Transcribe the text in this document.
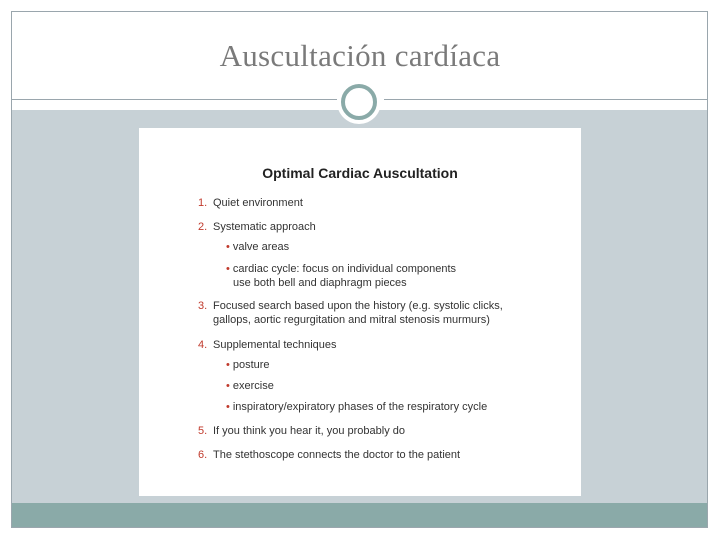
Auscultación cardíaca
Optimal Cardiac Auscultation
1. Quiet environment
2. Systematic approach
• valve areas
• cardiac cycle: focus on individual components
use both bell and diaphragm pieces
3. Focused search based upon the history (e.g. systolic clicks,
gallops, aortic regurgitation and mitral stenosis murmurs)
4. Supplemental techniques
• posture
• exercise
• inspiratory/expiratory phases of the respiratory cycle
5. If you think you hear it, you probably do
6. The stethoscope connects the doctor to the patient
